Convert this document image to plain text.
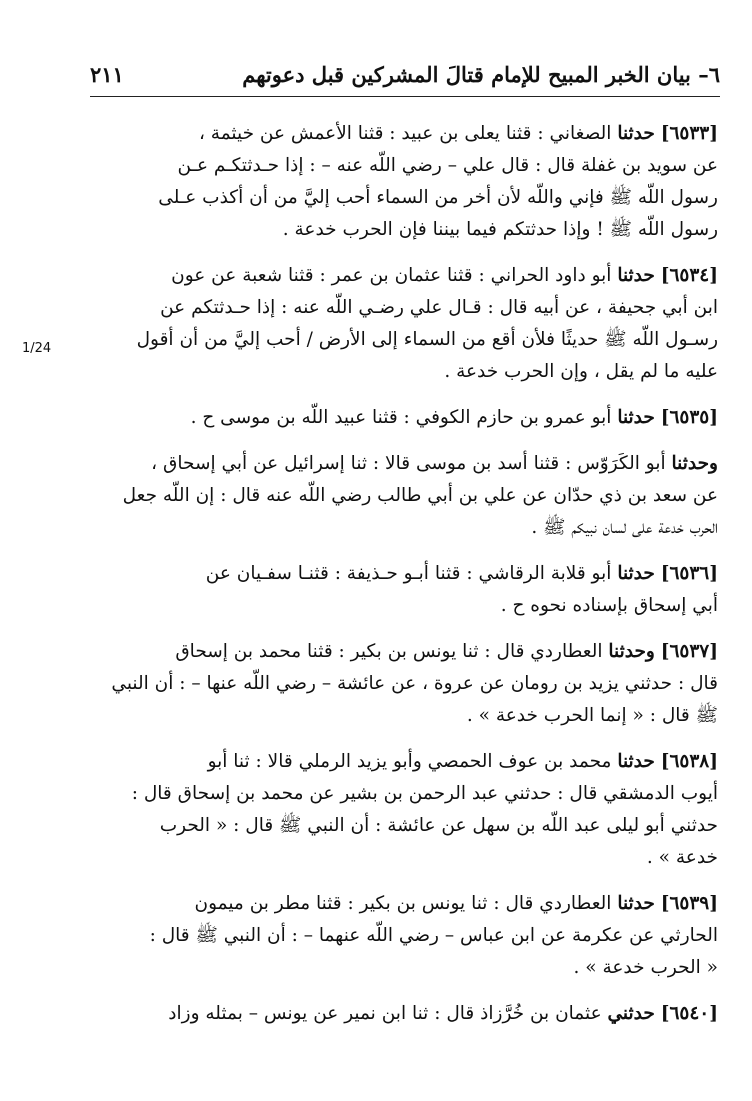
٦– بيان الخبر المبيح للإمام قتالَ المشركين قبل دعوتهم
٢١١
1/24
[٦٥٣٣] حدثنا الصغاني : قثنا يعلى بن عبيد : قثنا الأعمش عن خيثمة ،
عن سويد بن غفلة قال : قال علي – رضي اللّه عنه – : إذا حـدثتكـم عـن
رسول اللّه ﷺ فإني واللّه لأن أخر من السماء أحب إليَّ من أن أكذب عـلى
رسول اللّه ﷺ ! وإذا حدثتكم فيما بيننا فإن الحرب خدعة .
[٦٥٣٤] حدثنا أبو داود الحراني : قثنا عثمان بن عمر : قثنا شعبة عن عون
ابن أبي جحيفة ، عن أبيه قال : قـال علي رضـي اللّه عنه : إذا حـدثتكم عن
رسـول اللّه ﷺ حديثًا فلأن أقع من السماء إلى الأرض / أحب إليَّ من أن أقول
عليه ما لم يقل ، وإن الحرب خدعة .
[٦٥٣٥] حدثنا أبو عمرو بن حازم الكوفي : قثنا عبيد اللّه بن موسى ح .
وحدثنا أبو الكَرَوّس : قثنا أسد بن موسى قالا : ثنا إسرائيل عن أبي إسحاق ،
عن سعد بن ذي حدّان عن علي بن أبي طالب رضي اللّه عنه قال : إن اللّه جعل
الحرب خدعة على لسان نبيكم ﷺ .
[٦٥٣٦] حدثنا أبو قلابة الرقاشي : قثنا أبـو حـذيفة : قثنـا سفـيان عن
أبي إسحاق بإسناده نحوه ح .
[٦٥٣٧] وحدثنا العطاردي قال : ثنا يونس بن بكير : قثنا محمد بن إسحاق
قال : حدثني يزيد بن رومان عن عروة ، عن عائشة – رضي اللّه عنها – : أن النبي
ﷺ قال : « إنما الحرب خدعة » .
[٦٥٣٨] حدثنا محمد بن عوف الحمصي وأبو يزيد الرملي قالا : ثنا أبو
أيوب الدمشقي قال : حدثني عبد الرحمن بن بشير عن محمد بن إسحاق قال :
حدثني أبو ليلى عبد اللّه بن سهل عن عائشة : أن النبي ﷺ قال : « الحرب
خدعة » .
[٦٥٣٩] حدثنا العطاردي قال : ثنا يونس بن بكير : قثنا مطر بن ميمون
الحارثي عن عكرمة عن ابن عباس – رضي اللّه عنهما – : أن النبي ﷺ قال :
« الحرب خدعة » .
[٦٥٤٠] حدثني عثمان بن خُرَّزاذ قال : ثنا ابن نمير عن يونس – بمثله وزاد
